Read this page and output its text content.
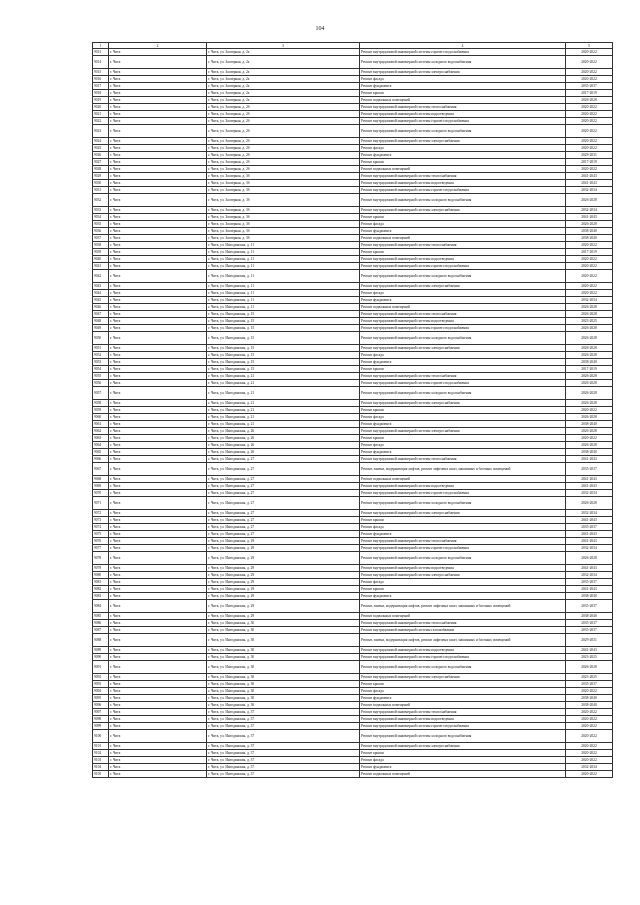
104
1	2	3	4	5
9013	г. Чита	г. Чита, ул. Заозерная, д. 2а	Ремонт внутридомовой инженерной системы горячего водоснабжения	2020-2022
9014	г. Чита	г. Чита, ул. Заозерная, д. 2а	Ремонт внутридомовой инженерной системы холодного водоснабжения	2020-2022
9015	г. Чита	г. Чита, ул. Заозерная, д. 2а	Ремонт внутридомовой инженерной системы электроснабжения	2020-2022
9016	г. Чита	г. Чита, ул. Заозерная, д. 2а	Ремонт фасада	2020-2022
9017	г. Чита	г. Чита, ул. Заозерная, д. 2а	Ремонт фундамента	2035-2037
9018	г. Чита	г. Чита, ул. Заозерная, д. 2а	Ремонт крыши	2017-2019
9019	г. Чита	г. Чита, ул. Заозерная, д. 2а	Ремонт подвальных помещений	2026-2028
9020	г. Чита	г. Чита, ул. Заозерная, д. 2б	Ремонт внутридомовой инженерной системы теплоснабжения	2020-2022
9021	г. Чита	г. Чита, ул. Заозерная, д. 2б	Ремонт внутридомовой инженерной системы водоотведения	2020-2022
9022	г. Чита	г. Чита, ул. Заозерная, д. 2б	Ремонт внутридомовой инженерной системы горячего водоснабжения	2020-2022
9023	г. Чита	г. Чита, ул. Заозерная, д. 2б	Ремонт внутридомовой инженерной системы холодного водоснабжения	2020-2022
9024	г. Чита	г. Чита, ул. Заозерная, д. 2б	Ремонт внутридомовой инженерной системы электроснабжения	2020-2022
9025	г. Чита	г. Чита, ул. Заозерная, д. 2б	Ремонт фасада	2020-2022
9026	г. Чита	г. Чита, ул. Заозерная, д. 2б	Ремонт фундамента	2029-2031
9027	г. Чита	г. Чита, ул. Заозерная, д. 2б	Ремонт крыши	2017-2019
9028	г. Чита	г. Чита, ул. Заозерная, д. 2б	Ремонт подвальных помещений	2020-2022
9029	г. Чита	г. Чита, ул. Заозерная, д. 3б	Ремонт внутридомовой инженерной системы теплоснабжения	2041-2043
9030	г. Чита	г. Чита, ул. Заозерная, д. 3б	Ремонт внутридомовой инженерной системы водоотведения	2041-2043
9031	г. Чита	г. Чита, ул. Заозерная, д. 3б	Ремонт внутридомовой инженерной системы горячего водоснабжения	2032-2034
9032	г. Чита	г. Чита, ул. Заозерная, д. 3б	Ремонт внутридомовой инженерной системы холодного водоснабжения	2026-2028
9033	г. Чита	г. Чита, ул. Заозерная, д. 3б	Ремонт внутридомовой инженерной системы электроснабжения	2032-2034
9034	г. Чита	г. Чита, ул. Заозерная, д. 3б	Ремонт крыши	2041-2043
9035	г. Чита	г. Чита, ул. Заозерная, д. 3б	Ремонт фасада	2026-2028
9036	г. Чита	г. Чита, ул. Заозерная, д. 3б	Ремонт фундамента	2038-2040
9037	г. Чита	г. Чита, ул. Заозерная, д. 3б	Ремонт подвальных помещений	2038-2040
9038	г. Чита	г. Чита, ул. Ингодинская, д. 11	Ремонт внутридомовой инженерной системы теплоснабжения	2020-2022
9039	г. Чита	г. Чита, ул. Ингодинская, д. 11	Ремонт крыши	2017-2019
9040	г. Чита	г. Чита, ул. Ингодинская, д. 11	Ремонт внутридомовой инженерной системы водоотведения	2020-2022
9041	г. Чита	г. Чита, ул. Ингодинская, д. 11	Ремонт внутридомовой инженерной системы горячего водоснабжения	2020-2022
9042	г. Чита	г. Чита, ул. Ингодинская, д. 11	Ремонт внутридомовой инженерной системы холодного водоснабжения	2020-2022
9043	г. Чита	г. Чита, ул. Ингодинская, д. 11	Ремонт внутридомовой инженерной системы электроснабжения	2020-2022
9044	г. Чита	г. Чита, ул. Ингодинская, д. 11	Ремонт фасада	2020-2022
9045	г. Чита	г. Чита, ул. Ингодинская, д. 11	Ремонт фундамента	2032-2034
9046	г. Чита	г. Чита, ул. Ингодинская, д. 11	Ремонт подвальных помещений	2026-2028
9047	г. Чита	г. Чита, ул. Ингодинская, д. 15	Ремонт внутридомовой инженерной системы теплоснабжения	2026-2028
9048	г. Чита	г. Чита, ул. Ингодинская, д. 15	Ремонт внутридомовой инженерной системы водоотведения	2023-2025
9049	г. Чита	г. Чита, ул. Ингодинская, д. 15	Ремонт внутридомовой инженерной системы горячего водоснабжения	2026-2028
9050	г. Чита	г. Чита, ул. Ингодинская, д. 15	Ремонт внутридомовой инженерной системы холодного водоснабжения	2026-2028
9051	г. Чита	г. Чита, ул. Ингодинская, д. 15	Ремонт внутридомовой инженерной системы электроснабжения	2026-2028
9052	г. Чита	г. Чита, ул. Ингодинская, д. 15	Ремонт фасада	2026-2028
9053	г. Чита	г. Чита, ул. Ингодинская, д. 15	Ремонт фундамента	2038-2040
9054	г. Чита	г. Чита, ул. Ингодинская, д. 15	Ремонт крыши	2017-2019
9055	г. Чита	г. Чита, ул. Ингодинская, д. 21	Ремонт внутридомовой инженерной системы теплоснабжения	2026-2028
9056	г. Чита	г. Чита, ул. Ингодинская, д. 21	Ремонт внутридомовой инженерной системы горячего водоснабжения	2026-2028
9057	г. Чита	г. Чита, ул. Ингодинская, д. 21	Ремонт внутридомовой инженерной системы холодного водоснабжения	2026-2028
9058	г. Чита	г. Чита, ул. Ингодинская, д. 21	Ремонт внутридомовой инженерной системы электроснабжения	2026-2028
9059	г. Чита	г. Чита, ул. Ингодинская, д. 21	Ремонт крыши	2020-2022
9060	г. Чита	г. Чита, ул. Ингодинская, д. 21	Ремонт фасада	2026-2028
9061	г. Чита	г. Чита, ул. Ингодинская, д. 21	Ремонт фундамента	2038-2040
9062	г. Чита	г. Чита, ул. Ингодинская, д. 26	Ремонт внутридомовой инженерной системы электроснабжения	2026-2028
9063	г. Чита	г. Чита, ул. Ингодинская, д. 26	Ремонт крыши	2020-2022
9064	г. Чита	г. Чита, ул. Ингодинская, д. 26	Ремонт фасада	2026-2028
9065	г. Чита	г. Чита, ул. Ингодинская, д. 26	Ремонт фундамента	2038-2040
9066	г. Чита	г. Чита, ул. Ингодинская, д. 27	Ремонт внутридомовой инженерной системы теплоснабжения	2041-2043
9067	г. Чита	г. Чита, ул. Ингодинская, д. 27	Ремонт, замена, модернизация лифтов, ремонт лифтовых шахт, машинных и блочных помещений	2035-2037
9068	г. Чита	г. Чита, ул. Ингодинская, д. 27	Ремонт подвальных помещений	2041-2043
9069	г. Чита	г. Чита, ул. Ингодинская, д. 27	Ремонт внутридомовой инженерной системы водоотведения	2041-2043
9070	г. Чита	г. Чита, ул. Ингодинская, д. 27	Ремонт внутридомовой инженерной системы горячего водоснабжения	2032-2034
9071	г. Чита	г. Чита, ул. Ингодинская, д. 27	Ремонт внутридомовой инженерной системы холодного водоснабжения	2026-2028
9072	г. Чита	г. Чита, ул. Ингодинская, д. 27	Ремонт внутридомовой инженерной системы электроснабжения	2032-2034
9073	г. Чита	г. Чита, ул. Ингодинская, д. 27	Ремонт крыши	2041-2043
9074	г. Чита	г. Чита, ул. Ингодинская, д. 27	Ремонт фасада	2035-2037
9075	г. Чита	г. Чита, ул. Ингодинская, д. 27	Ремонт фундамента	2041-2043
9076	г. Чита	г. Чита, ул. Ингодинская, д. 29	Ремонт внутридомовой инженерной системы теплоснабжения	2041-2043
9077	г. Чита	г. Чита, ул. Ингодинская, д. 29	Ремонт внутридомовой инженерной системы горячего водоснабжения	2032-2034
9078	г. Чита	г. Чита, ул. Ингодинская, д. 29	Ремонт внутридомовой инженерной системы холодного водоснабжения	2026-2028
9079	г. Чита	г. Чита, ул. Ингодинская, д. 29	Ремонт внутридомовой инженерной системы водоотведения	2041-2043
9080	г. Чита	г. Чита, ул. Ингодинская, д. 29	Ремонт внутридомовой инженерной системы электроснабжения	2032-2034
9081	г. Чита	г. Чита, ул. Ингодинская, д. 29	Ремонт фасада	2035-2037
9082	г. Чита	г. Чита, ул. Ингодинская, д. 29	Ремонт крыши	2041-2043
9083	г. Чита	г. Чита, ул. Ингодинская, д. 29	Ремонт фундамента	2038-2040
9084	г. Чита	г. Чита, ул. Ингодинская, д. 29	Ремонт, замена, модернизация лифтов, ремонт лифтовых шахт, машинных и блочных помещений	2035-2037
9085	г. Чита	г. Чита, ул. Ингодинская, д. 29	Ремонт подвальных помещений	2038-2040
9086	г. Чита	г. Чита, ул. Ингодинская, д. 30	Ремонт внутридомовой инженерной системы теплоснабжения	2035-2037
9087	г. Чита	г. Чита, ул. Ингодинская, д. 30	Ремонт внутридомовой инженерной системы газоснабжения	2035-2037
9088	г. Чита	г. Чита, ул. Ингодинская, д. 30	Ремонт, замена, модернизация лифтов, ремонт лифтовых шахт, машинных и блочных помещений	2029-2031
9089	г. Чита	г. Чита, ул. Ингодинская, д. 30	Ремонт внутридомовой инженерной системы водоотведения	2041-2043
9090	г. Чита	г. Чита, ул. Ингодинская, д. 30	Ремонт внутридомовой инженерной системы горячего водоснабжения	2023-2025
9091	г. Чита	г. Чита, ул. Ингодинская, д. 30	Ремонт внутридомовой инженерной системы холодного водоснабжения	2026-2028
9092	г. Чита	г. Чита, ул. Ингодинская, д. 30	Ремонт внутридомовой инженерной системы электроснабжения	2023-2025
9093	г. Чита	г. Чита, ул. Ингодинская, д. 30	Ремонт крыши	2035-2037
9094	г. Чита	г. Чита, ул. Ингодинская, д. 30	Ремонт фасада	2020-2022
9095	г. Чита	г. Чита, ул. Ингодинская, д. 30	Ремонт фундамента	2038-2040
9096	г. Чита	г. Чита, ул. Ингодинская, д. 30	Ремонт подвальных помещений	2038-2040
9097	г. Чита	г. Чита, ул. Ингодинская, д. 37	Ремонт внутридомовой инженерной системы теплоснабжения	2020-2022
9098	г. Чита	г. Чита, ул. Ингодинская, д. 37	Ремонт внутридомовой инженерной системы водоотведения	2020-2022
9099	г. Чита	г. Чита, ул. Ингодинская, д. 37	Ремонт внутридомовой инженерной системы горячего водоснабжения	2020-2022
9100	г. Чита	г. Чита, ул. Ингодинская, д. 37	Ремонт внутридомовой инженерной системы холодного водоснабжения	2020-2022
9101	г. Чита	г. Чита, ул. Ингодинская, д. 37	Ремонт внутридомовой инженерной системы электроснабжения	2020-2022
9102	г. Чита	г. Чита, ул. Ингодинская, д. 37	Ремонт крыши	2020-2022
9103	г. Чита	г. Чита, ул. Ингодинская, д. 37	Ремонт фасада	2020-2022
9104	г. Чита	г. Чита, ул. Ингодинская, д. 37	Ремонт фундамента	2032-2034
9105	г. Чита	г. Чита, ул. Ингодинская, д. 37	Ремонт подвальных помещений	2020-2022
